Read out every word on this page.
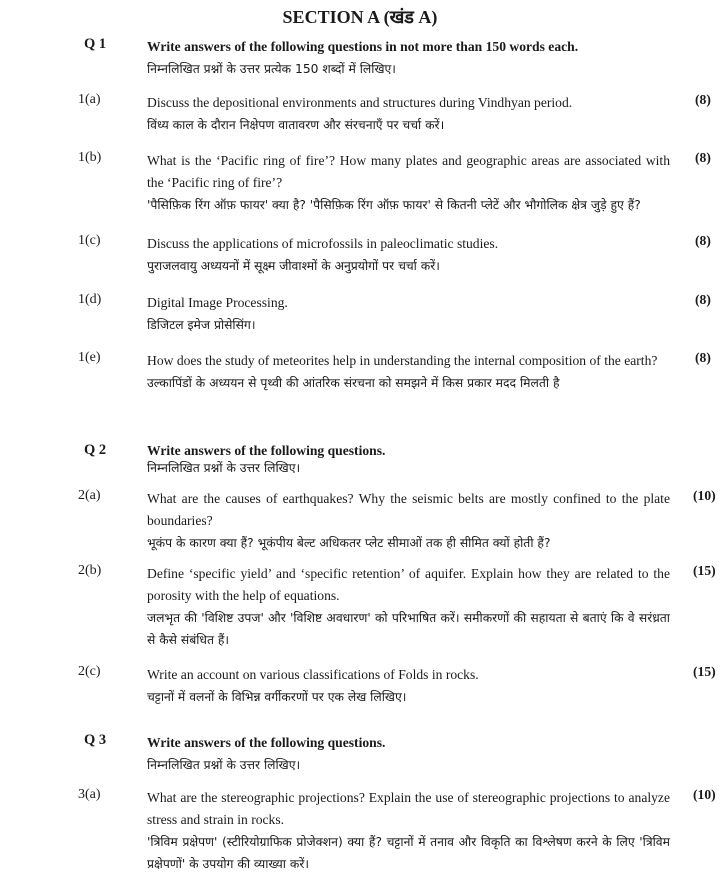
SECTION A (खंड A)
Q 1	Write answers of the following questions in not more than 150 words each.
निम्नलिखित प्रश्नों के उत्तर प्रत्येक 150 शब्दों में लिखिए।
1(a)	Discuss the depositional environments and structures during Vindhyan period.
विंध्य काल के दौरान निक्षेपण वातावरण और संरचनाएँ पर चर्चा करें।
(8)
1(b)	What is the ‘Pacific ring of fire’? How many plates and geographic areas are associated with the ‘Pacific ring of fire’?
'पैसिफ़िक रिंग ऑफ़ फायर' क्या है? 'पैसिफ़िक रिंग ऑफ़ फायर' से कितनी प्लेटें और भौगोलिक क्षेत्र जुड़े हुए हैं?
(8)
1(c)	Discuss the applications of microfossils in paleoclimatic studies.
पुराजलवायु अध्ययनों में सूक्ष्म जीवाश्मों के अनुप्रयोगों पर चर्चा करें।
(8)
1(d)	Digital Image Processing.
डिजिटल इमेज प्रोसेसिंग।
(8)
1(e)	How does the study of meteorites help in understanding the internal composition of the earth?
उल्कापिंडों के अध्ययन से पृथ्वी की आंतरिक संरचना को समझने में किस प्रकार मदद मिलती है
(8)
Q 2	Write answers of the following questions.
निम्नलिखित प्रश्नों के उत्तर लिखिए।
2(a)	What are the causes of earthquakes? Why the seismic belts are mostly confined to the plate boundaries?
भूकंप के कारण क्या हैं? भूकंपीय बेल्ट अधिकतर प्लेट सीमाओं तक ही सीमित क्यों होती हैं?
(10)
2(b)	Define ‘specific yield’ and ‘specific retention’ of aquifer. Explain how they are related to the porosity with the help of equations.
जलभृत की 'विशिष्ट उपज' और 'विशिष्ट अवधारण' को परिभाषित करें। समीकरणों की सहायता से बताएं कि वे सरंध्रता से कैसे संबंधित हैं।
(15)
2(c)	Write an account on various classifications of Folds in rocks.
चट्टानों में वलनों के विभिन्न वर्गीकरणों पर एक लेख लिखिए।
(15)
Q 3	Write answers of the following questions.
निम्नलिखित प्रश्नों के उत्तर लिखिए।
3(a)	What are the stereographic projections? Explain the use of stereographic projections to analyze stress and strain in rocks.
'त्रिविम प्रक्षेपण' (स्टीरियोग्राफिक प्रोजेक्शन) क्या हैं? चट्टानों में तनाव और विकृति का विश्लेषण करने के लिए 'त्रिविम प्रक्षेपणों' के उपयोग की व्याख्या करें।
(10)
